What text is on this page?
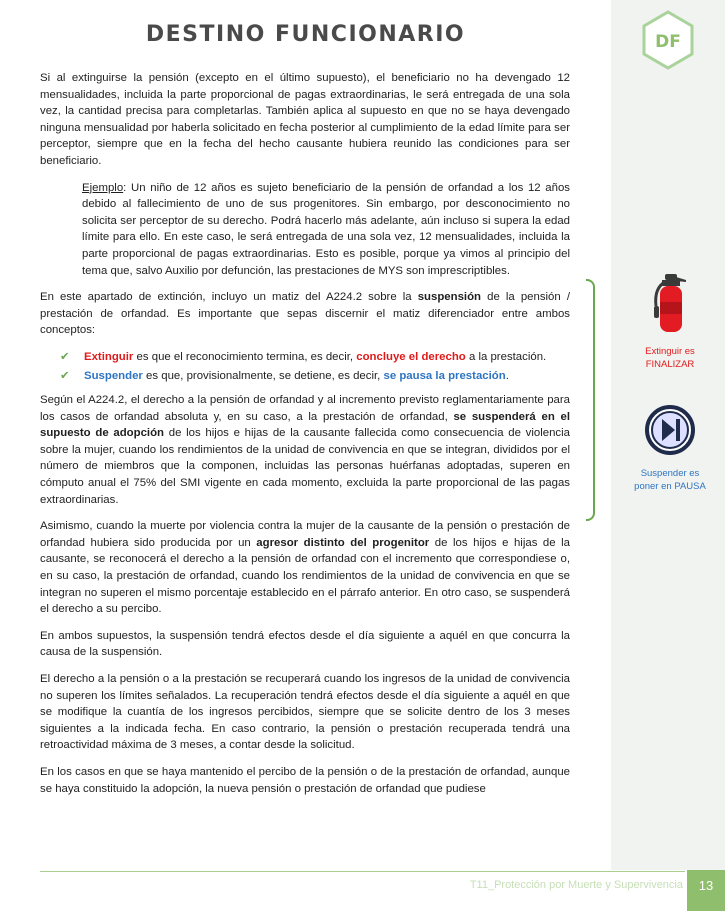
DF
DESTINO FUNCIONARIO

Si al extinguirse la pensión (excepto en el último supuesto), el beneficiario no ha devengado 12 mensualidades, incluida la parte proporcional de pagas extraordinarias, le será entregada de una sola vez, la cantidad precisa para completarlas. También aplica al supuesto en que no se haya devengado ninguna mensualidad por haberla solicitado en fecha posterior al cumplimiento de la edad límite para ser perceptor, siempre que en la fecha del hecho causante hubiera reunido las condiciones para ser beneficiario.

Ejemplo: Un niño de 12 años es sujeto beneficiario de la pensión de orfandad a los 12 años debido al fallecimiento de uno de sus progenitores. Sin embargo, por desconocimiento no solicita ser perceptor de su derecho. Podrá hacerlo más adelante, aún incluso si supera la edad límite para ello. En este caso, le será entregada de una sola vez, 12 mensualidades, incluida la parte proporcional de pagas extraordinarias. Esto es posible, porque ya vimos al principio del tema que, salvo Auxilio por defunción, las prestaciones de MYS son imprescriptibles.

En este apartado de extinción, incluyo un matiz del A224.2 sobre la suspensión de la pensión / prestación de orfandad. Es importante que sepas discernir el matiz diferenciador entre ambos conceptos:

✔ Extinguir es que el reconocimiento termina, es decir, concluye el derecho a la prestación.
✔ Suspender es que, provisionalmente, se detiene, es decir, se pausa la prestación.

Según el A224.2, el derecho a la pensión de orfandad y al incremento previsto reglamentariamente para los casos de orfandad absoluta y, en su caso, a la prestación de orfandad, se suspenderá en el supuesto de adopción de los hijos e hijas de la causante fallecida como consecuencia de violencia sobre la mujer, cuando los rendimientos de la unidad de convivencia en que se integran, divididos por el número de miembros que la componen, incluidas las personas huérfanas adoptadas, superen en cómputo anual el 75% del SMI vigente en cada momento, excluida la parte proporcional de las pagas extraordinarias.

Asimismo, cuando la muerte por violencia contra la mujer de la causante de la pensión o prestación de orfandad hubiera sido producida por un agresor distinto del progenitor de los hijos e hijas de la causante, se reconocerá el derecho a la pensión de orfandad con el incremento que correspondiese o, en su caso, la prestación de orfandad, cuando los rendimientos de la unidad de convivencia en que se integran no superen el mismo porcentaje establecido en el párrafo anterior. En otro caso, se suspenderá el derecho a su percibo.

En ambos supuestos, la suspensión tendrá efectos desde el día siguiente a aquél en que concurra la causa de la suspensión.

El derecho a la pensión o a la prestación se recuperará cuando los ingresos de la unidad de convivencia no superen los límites señalados. La recuperación tendrá efectos desde el día siguiente a aquél en que se modifique la cuantía de los ingresos percibidos, siempre que se solicite dentro de los 3 meses siguientes a la indicada fecha. En caso contrario, la pensión o prestación recuperada tendrá una retroactividad máxima de 3 meses, a contar desde la solicitud.

En los casos en que se haya mantenido el percibo de la pensión o de la prestación de orfandad, aunque se haya constituido la adopción, la nueva pensión o prestación de orfandad que pudiese

Extinguir es
FINALIZAR
Suspender es
poner en PAUSA
T11_Protección por Muerte y Supervivencia	13
